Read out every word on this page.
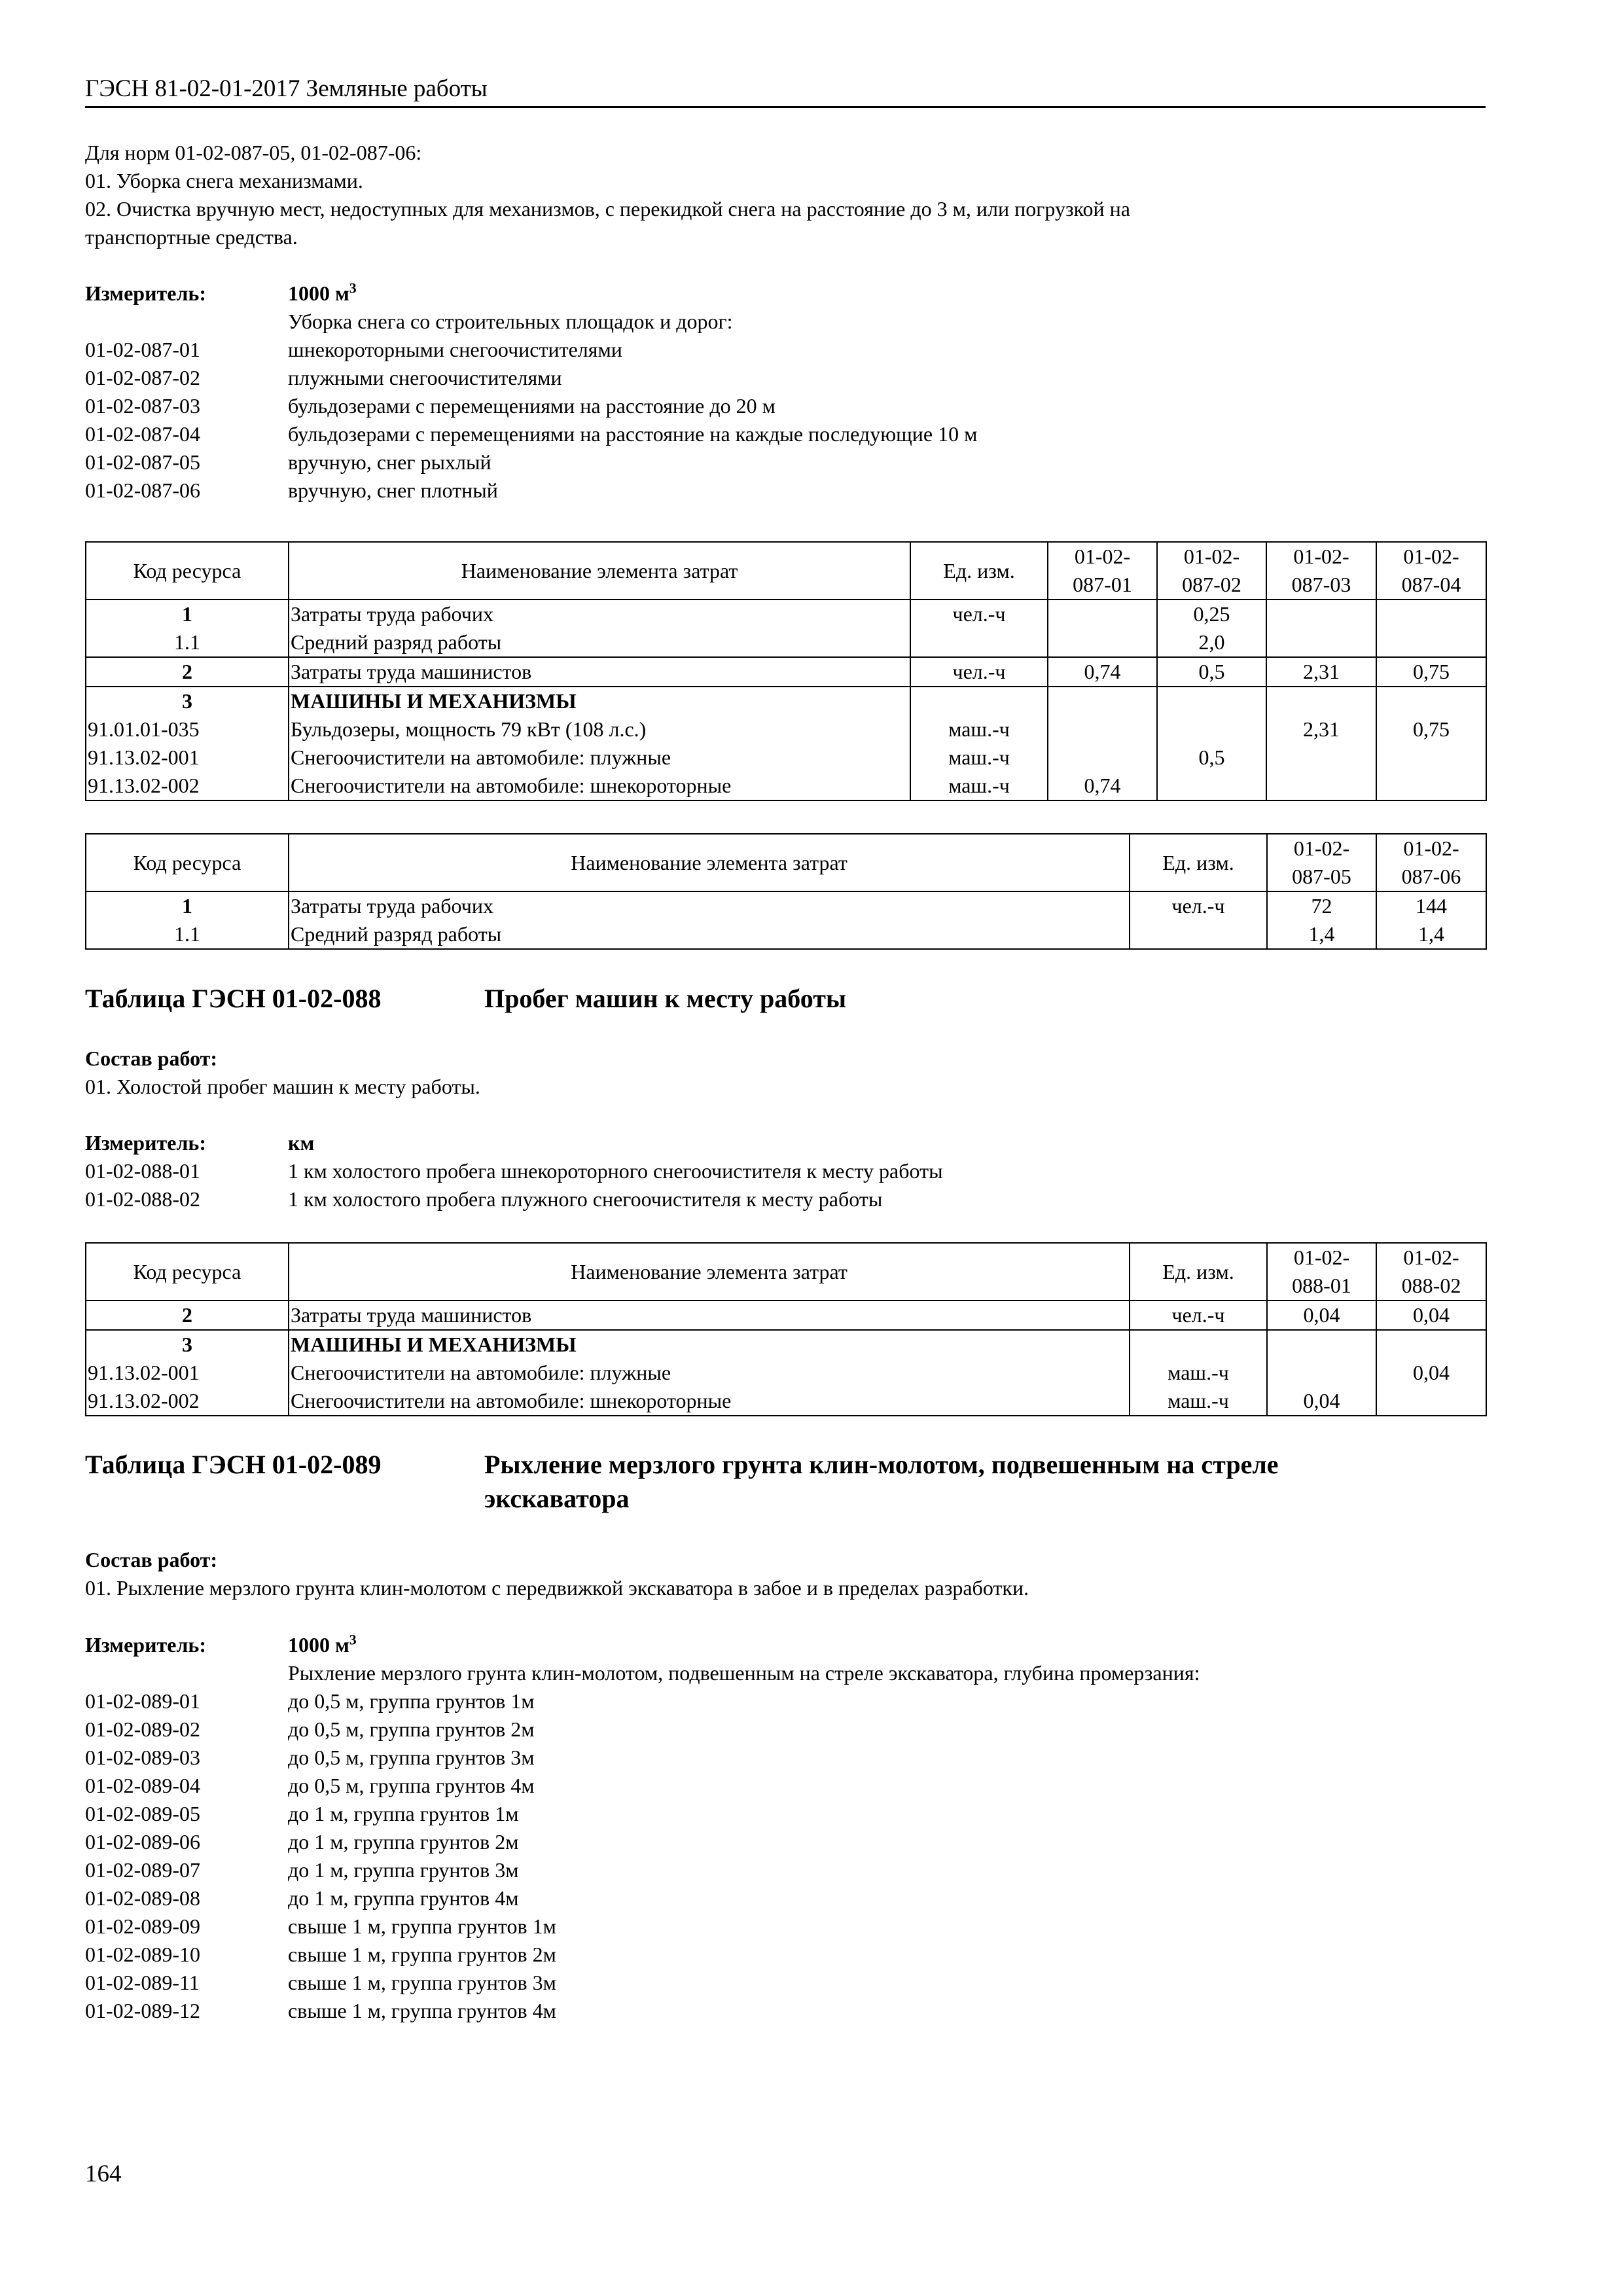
ГЭСН 81-02-01-2017 Земляные работы
Для норм 01-02-087-05, 01-02-087-06:
01. Уборка снега механизмами.
02. Очистка вручную мест, недоступных для механизмов, с перекидкой снега на расстояние до 3 м, или погрузкой на
транспортные средства.
Измеритель:	1000 $м^3$
Уборка снега со строительных площадок и дорог:
01-02-087-01	шнекороторными снегоочистителями
01-02-087-02	плужными снегоочистителями
01-02-087-03	бульдозерами с перемещениями на расстояние до 20 м
01-02-087-04	бульдозерами с перемещениями на расстояние на каждые последующие 10 м
01-02-087-05	вручную, снег рыхлый
01-02-087-06	вручную, снег плотный
Код ресурса	Наименование элемента затрат	Ед. изм.	01-02-
087-01	01-02-
087-02	01-02-
087-03	01-02-
087-04
1	Затраты труда рабочих	чел.-ч		0,25		
1.1	Средний разряд работы			2,0		
2	Затраты труда машинистов	чел.-ч	0,74	0,5	2,31	0,75
3	МАШИНЫ И МЕХАНИЗМЫ					
91.01.01-035	Бульдозеры, мощность 79 кВт (108 л.с.)	маш.-ч			2,31	0,75
91.13.02-001	Снегоочистители на автомобиле: плужные	маш.-ч		0,5		
91.13.02-002	Снегоочистители на автомобиле: шнекороторные	маш.-ч	0,74			
Код ресурса	Наименование элемента затрат	Ед. изм.	01-02-
087-05	01-02-
087-06
1	Затраты труда рабочих	чел.-ч	72	144
1.1	Средний разряд работы		1,4	1,4
Таблица ГЭСН 01-02-088	Пробег машин к месту работы
Состав работ:
01. Холостой пробег машин к месту работы.
Измеритель:	км
01-02-088-01	1 км холостого пробега шнекороторного снегоочистителя к месту работы
01-02-088-02	1 км холостого пробега плужного снегоочистителя к месту работы
Код ресурса	Наименование элемента затрат	Ед. изм.	01-02-
088-01	01-02-
088-02
2	Затраты труда машинистов	чел.-ч	0,04	0,04
3	МАШИНЫ И МЕХАНИЗМЫ			
91.13.02-001	Снегоочистители на автомобиле: плужные	маш.-ч		0,04
91.13.02-002	Снегоочистители на автомобиле: шнекороторные	маш.-ч	0,04	
Таблица ГЭСН 01-02-089	Рыхление мерзлого грунта клин-молотом, подвешенным на стреле
экскаватора
Состав работ:
01. Рыхление мерзлого грунта клин-молотом с передвижкой экскаватора в забое и в пределах разработки.
Измеритель:	1000 $м^3$
Рыхление мерзлого грунта клин-молотом, подвешенным на стреле экскаватора, глубина промерзания:
01-02-089-01	до 0,5 м, группа грунтов 1м
01-02-089-02	до 0,5 м, группа грунтов 2м
01-02-089-03	до 0,5 м, группа грунтов 3м
01-02-089-04	до 0,5 м, группа грунтов 4м
01-02-089-05	до 1 м, группа грунтов 1м
01-02-089-06	до 1 м, группа грунтов 2м
01-02-089-07	до 1 м, группа грунтов 3м
01-02-089-08	до 1 м, группа грунтов 4м
01-02-089-09	свыше 1 м, группа грунтов 1м
01-02-089-10	свыше 1 м, группа грунтов 2м
01-02-089-11	свыше 1 м, группа грунтов 3м
01-02-089-12	свыше 1 м, группа грунтов 4м
164
